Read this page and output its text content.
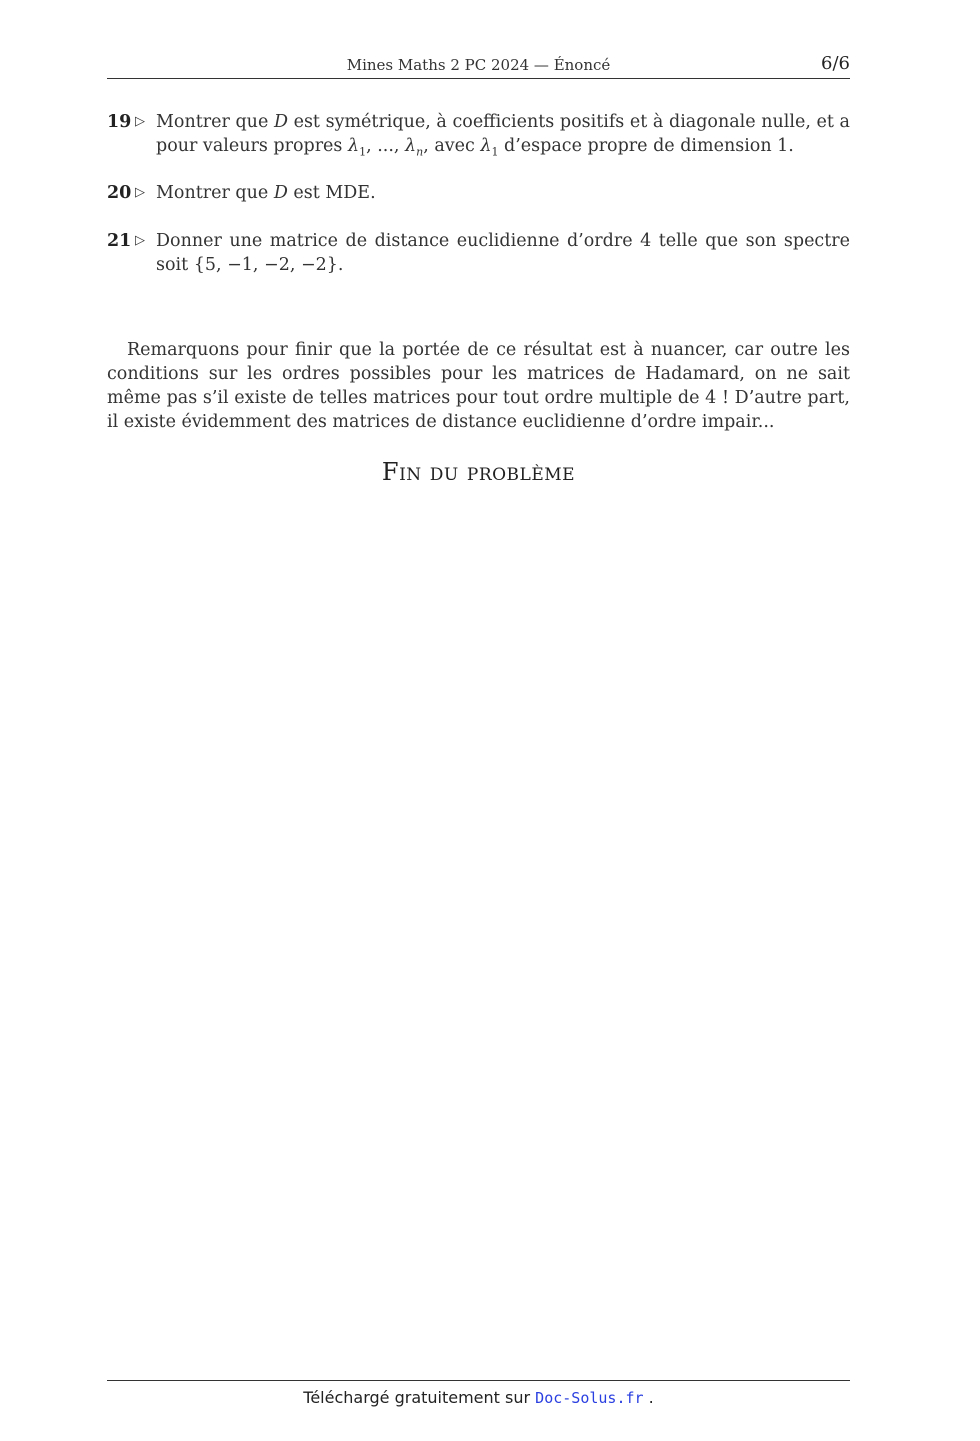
Mines Maths 2 PC 2024 — Énoncé	6/6
19 ▷ Montrer que D est symétrique, à coefficients positifs et à diagonale nulle, et a pour valeurs propres $\lambda_1$, ..., $\lambda_n$, avec $\lambda_1$ d’espace propre de dimension 1.
20 ▷ Montrer que D est MDE.
21 ▷ Donner une matrice de distance euclidienne d’ordre 4 telle que son spectre soit {5, −1, −2, −2}.

Remarquons pour finir que la portée de ce résultat est à nuancer, car outre les conditions sur les ordres possibles pour les matrices de Hadamard, on ne sait même pas s’il existe de telles matrices pour tout ordre multiple de 4 ! D’autre part, il existe évidemment des matrices de distance euclidienne d’ordre impair...

Fin du problème
Téléchargé gratuitement sur Doc-Solus.fr .
